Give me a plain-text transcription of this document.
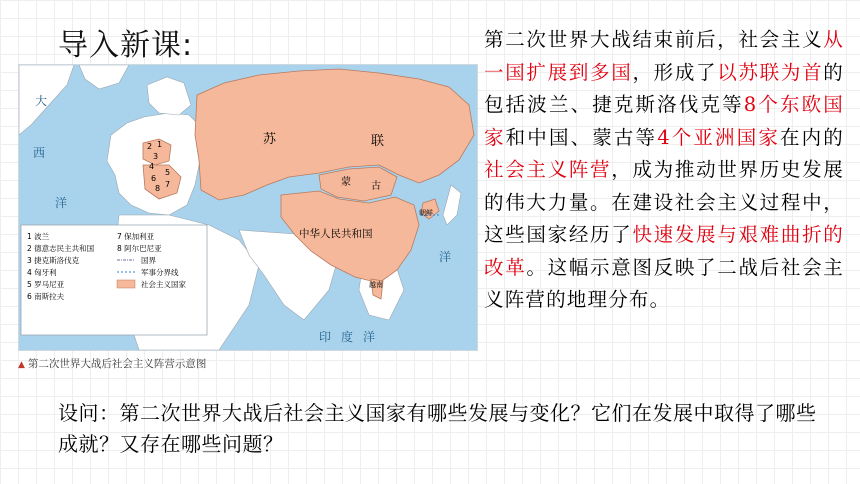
导入新课:
大
西
洋
洋
印度洋
苏	联
蒙 古
中华人民共和国
朝鲜
越南
2 1
3
4
5
6
7
8
1 波兰
2 德意志民主共和国
3 捷克斯洛伐克
4 匈牙利
5 罗马尼亚
6 南斯拉夫
7 保加利亚
8 阿尔巴尼亚
国界
军事分界线
社会主义国家
▲ 第二次世界大战后社会主义阵营示意图
第二次世界大战结束前后，社会主义从一国扩展到多国，形成了以苏联为首的包括波兰、捷克斯洛伐克等8个东欧国家和中国、蒙古等4个亚洲国家在内的社会主义阵营，成为推动世界历史发展的伟大力量。在建设社会主义过程中，这些国家经历了快速发展与艰难曲折的改革。这幅示意图反映了二战后社会主义阵营的地理分布。
设问：第二次世界大战后社会主义国家有哪些发展与变化？它们在发展中取得了哪些成就？又存在哪些问题？
